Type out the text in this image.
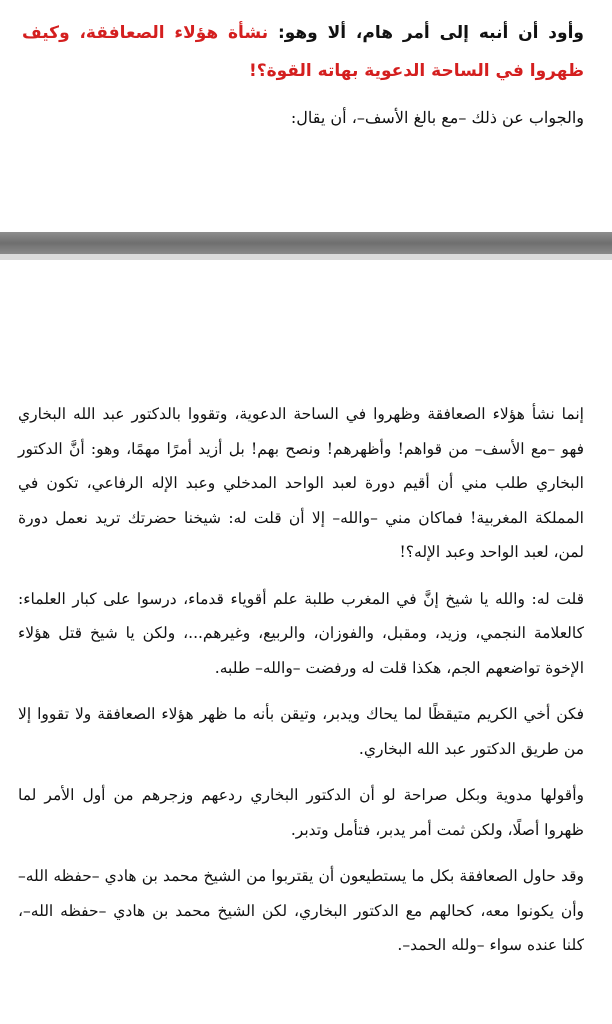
وأود أن أنبه إلى أمر هام، ألا وهو: نشأة هؤلاء الصعافقة، وكيف ظهروا في الساحة الدعوية بهاته القوة؟!

والجواب عن ذلك –مع بالغ الأسف–، أن يقال:

إنما نشأ هؤلاء الصعافقة وظهروا في الساحة الدعوية، وتقووا بالدكتور عبد الله البخاري فهو –مع الأسف– من قواهم! وأظهرهم! ونصح بهم! بل أزيد أمرًا مهمًا، وهو: أنَّ الدكتور البخاري طلب مني أن أقيم دورة لعبد الواحد المدخلي وعبد الإله الرفاعي، تكون في المملكة المغربية! فماكان مني –والله– إلا أن قلت له: شيخنا حضرتك تريد نعمل دورة لمن، لعبد الواحد وعبد الإله؟!

قلت له: والله يا شيخ إنَّ في المغرب طلبة علم أقوياء قدماء، درسوا على كبار العلماء: كالعلامة النجمي، وزيد، ومقبل، والفوزان، والربيع، وغيرهم...، ولكن يا شيخ قتل هؤلاء الإخوة تواضعهم الجم، هكذا قلت له ورفضت –والله– طلبه.

فكن أخي الكريم متيقظًا لما يحاك ويدبر، وتيقن بأنه ما ظهر هؤلاء الصعافقة ولا تقووا إلا من طريق الدكتور عبد الله البخاري.

وأقولها مدوية وبكل صراحة لو أن الدكتور البخاري ردعهم وزجرهم من أول الأمر لما ظهروا أصلًا، ولكن ثمت أمر يدبر، فتأمل وتدبر.

وقد حاول الصعافقة بكل ما يستطيعون أن يقتربوا من الشيخ محمد بن هادي –حفظه الله– وأن يكونوا معه، كحالهم مع الدكتور البخاري، لكن الشيخ محمد بن هادي –حفظه الله–، كلنا عنده سواء –ولله الحمد–.
